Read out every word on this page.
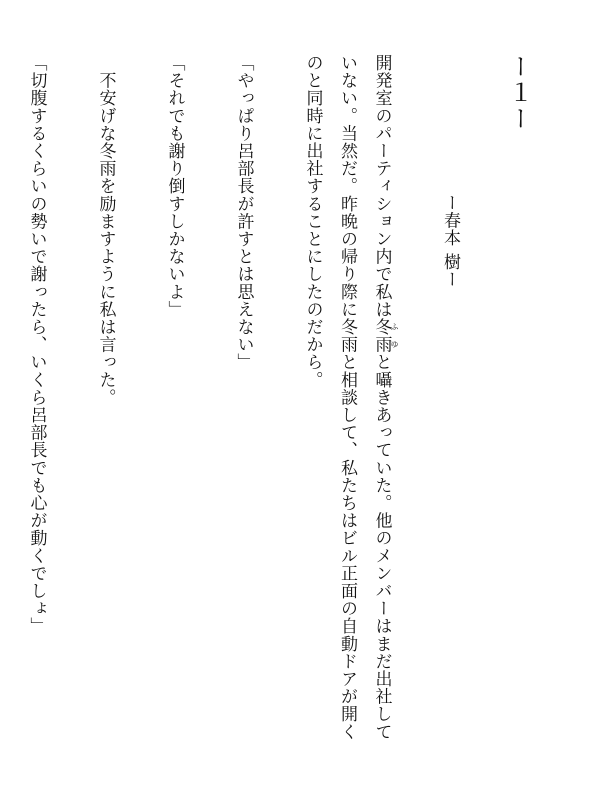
ー１ー

ー春本 樹ー

開発室のパーティション内で私は冬雨ふゆと囁きあっていた。他のメンバーはまだ出社していない。当然だ。昨晩の帰り際に冬雨と相談して、私たちはビル正面の自動ドアが開くのと同時に出社することにしたのだから。

「やっぱり呂部長が許すとは思えない」

「それでも謝り倒すしかないよ」

　不安げな冬雨を励ますように私は言った。

「切腹するくらいの勢いで謝ったら、いくら呂部長でも心が動くでしょ」
